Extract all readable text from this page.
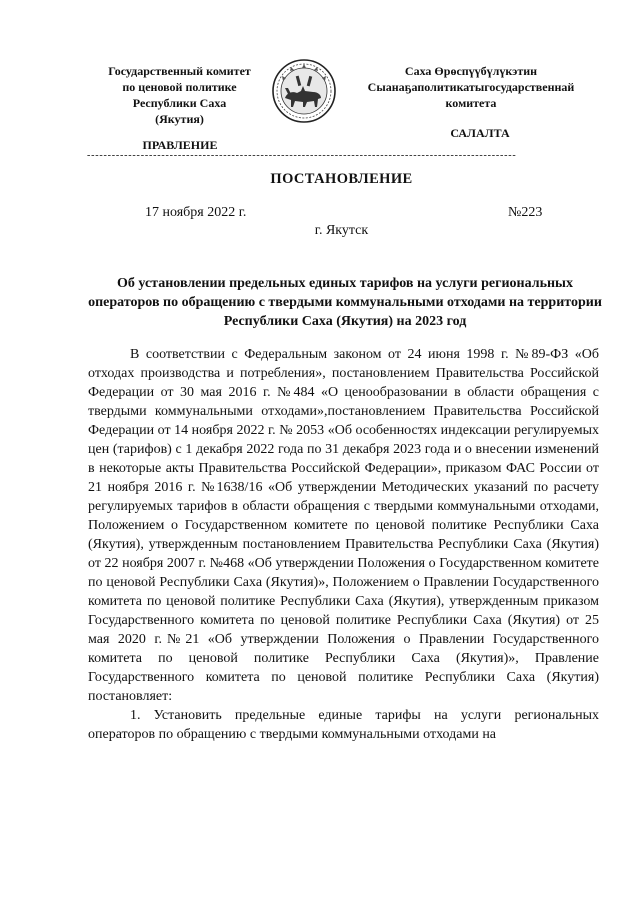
Государственный комитет
по ценовой политике
Республики Саха
(Якутия)
Саха Өрөспүүбүлүкэтин
Сыанаҕаполитикатыгосударственнай
комитета
САЛАЛТА
ПРАВЛЕНИЕ
--------------------------------------------------------------------------------------------------------
ПОСТАНОВЛЕНИЕ
17 ноября 2022 г.	№223
г. Якутск
Об установлении предельных единых тарифов на услуги региональных операторов по обращению с твердыми коммунальными отходами на территории Республики Саха (Якутия) на 2023 год

В соответствии с Федеральным законом от 24 июня 1998 г. №89-ФЗ «Об отходах производства и потребления», постановлением Правительства Российской Федерации от 30 мая 2016 г. №484 «О ценообразовании в области обращения с твердыми коммунальными отходами»,постановлением Правительства Российской Федерации от 14 ноября 2022 г. № 2053 «Об особенностях индексации регулируемых цен (тарифов) с 1 декабря 2022 года по 31 декабря 2023 года и о внесении изменений в некоторые акты Правительства Российской Федерации», приказом ФАС России от 21 ноября 2016 г. №1638/16 «Об утверждении Методических указаний по расчету регулируемых тарифов в области обращения с твердыми коммунальными отходами, Положением о Государственном комитете по ценовой политике Республики Саха (Якутия), утвержденным постановлением Правительства Республики Саха (Якутия) от 22 ноября 2007 г. №468 «Об утверждении Положения о Государственном комитете по ценовой Республики Саха (Якутия)», Положением о Правлении Государственного комитета по ценовой политике Республики Саха (Якутия), утвержденным приказом Государственного комитета по ценовой политике Республики Саха (Якутия) от 25 мая 2020 г.№21 «Об утверждении Положения о Правлении Государственного комитета по ценовой политике Республики Саха (Якутия)», Правление Государственного комитета по ценовой политике Республики Саха (Якутия) постановляет:

1. Установить предельные единые тарифы на услуги региональных операторов по обращению с твердыми коммунальными отходами на
